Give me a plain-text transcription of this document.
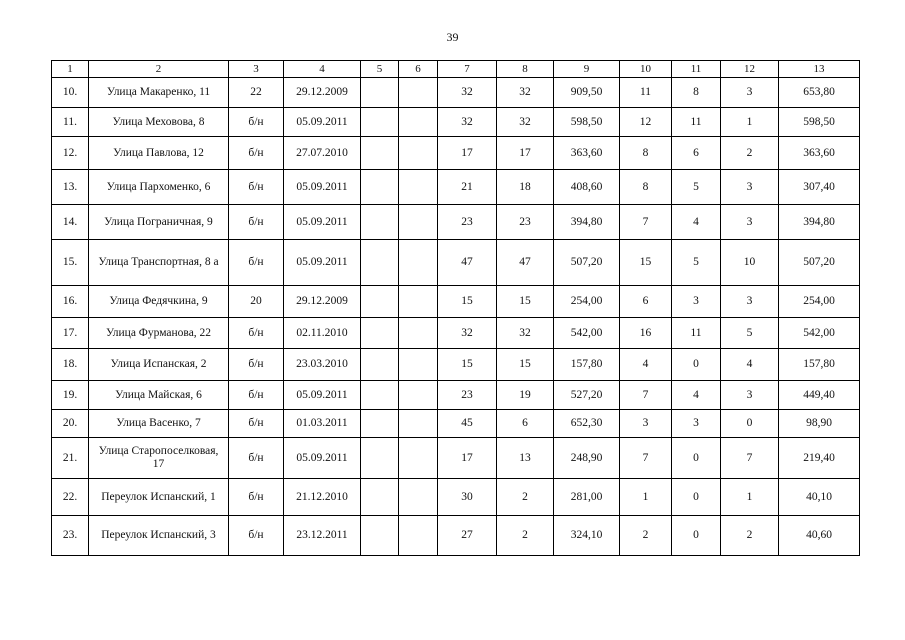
39
1	2	3	4	5	6	7	8	9	10	11	12	13
10.	Улица Макаренко, 11	22	29.12.2009			32	32	909,50	11	8	3	653,80
11.	Улица Меховова, 8	б/н	05.09.2011			32	32	598,50	12	11	1	598,50
12.	Улица Павлова, 12	б/н	27.07.2010			17	17	363,60	8	6	2	363,60
13.	Улица Пархоменко, 6	б/н	05.09.2011			21	18	408,60	8	5	3	307,40
14.	Улица Пограничная, 9	б/н	05.09.2011			23	23	394,80	7	4	3	394,80
15.	Улица Транспортная, 8 а	б/н	05.09.2011			47	47	507,20	15	5	10	507,20
16.	Улица Федячкина, 9	20	29.12.2009			15	15	254,00	6	3	3	254,00
17.	Улица Фурманова, 22	б/н	02.11.2010			32	32	542,00	16	11	5	542,00
18.	Улица Испанская, 2	б/н	23.03.2010			15	15	157,80	4	0	4	157,80
19.	Улица Майская, 6	б/н	05.09.2011			23	19	527,20	7	4	3	449,40
20.	Улица Васенко, 7	б/н	01.03.2011			45	6	652,30	3	3	0	98,90
21.	Улица Старопоселковая, 17	б/н	05.09.2011			17	13	248,90	7	0	7	219,40
22.	Переулок Испанский, 1	б/н	21.12.2010			30	2	281,00	1	0	1	40,10
23.	Переулок Испанский, 3	б/н	23.12.2011			27	2	324,10	2	0	2	40,60
